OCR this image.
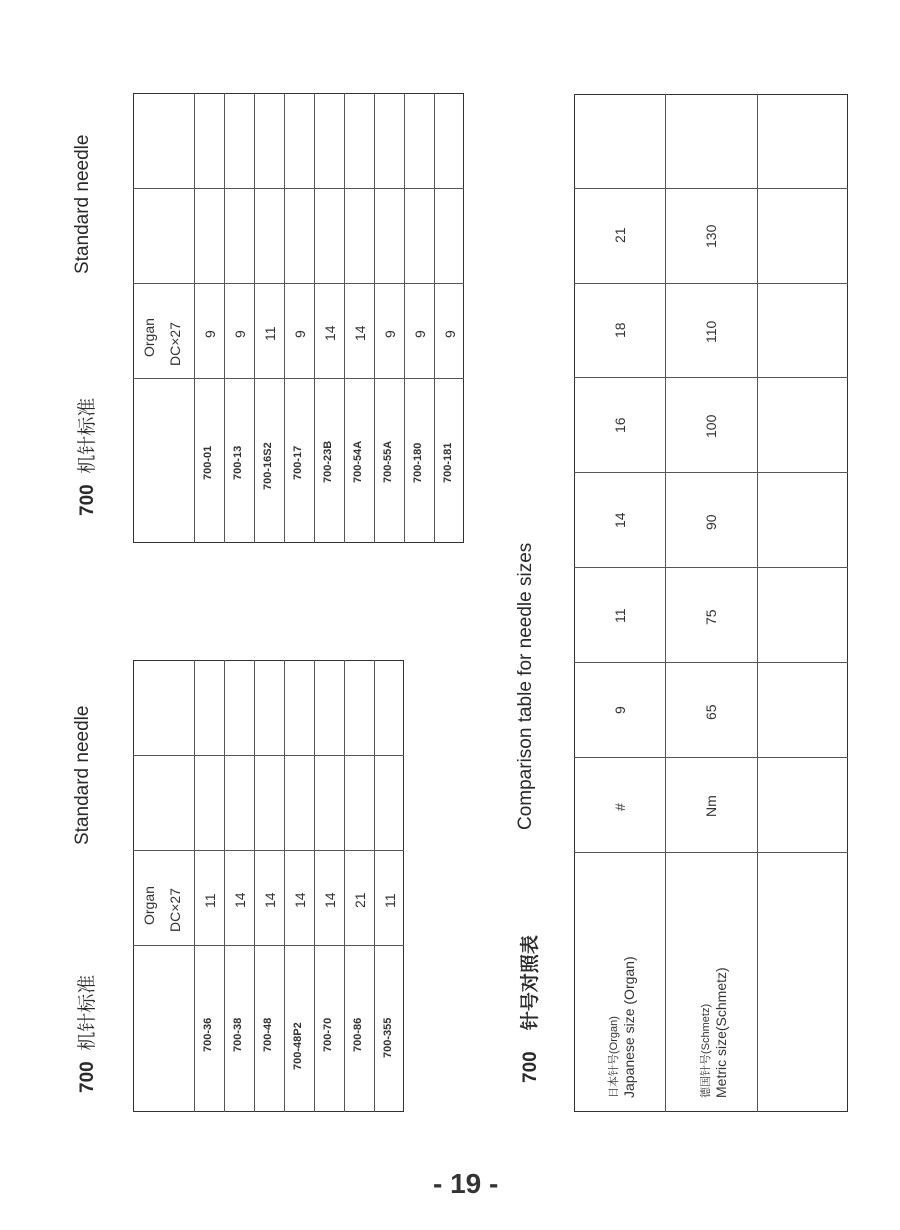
700  机针标准
Standard needle
Organ DC×27
700-36
11
700-38
14
700-48
14
700-48P2
14
700-70
14
700-86
21
700-355
11
700  机针标准
Standard needle
Organ DC×27
700-01
9
700-13
9
700-16S2
11
700-17
9
700-23B
14
700-54A
14
700-55A
9
700-180
9
700-181
9
700    针号对照表
Comparison table for needle sizes
日本针号(Organ) Japanese size (Organ)	德国针号(Schmetz) Metric size(Schmetz)
#
9
11
14
16
18
21
Nm
65
75
90
100
110
130
- 19 -
